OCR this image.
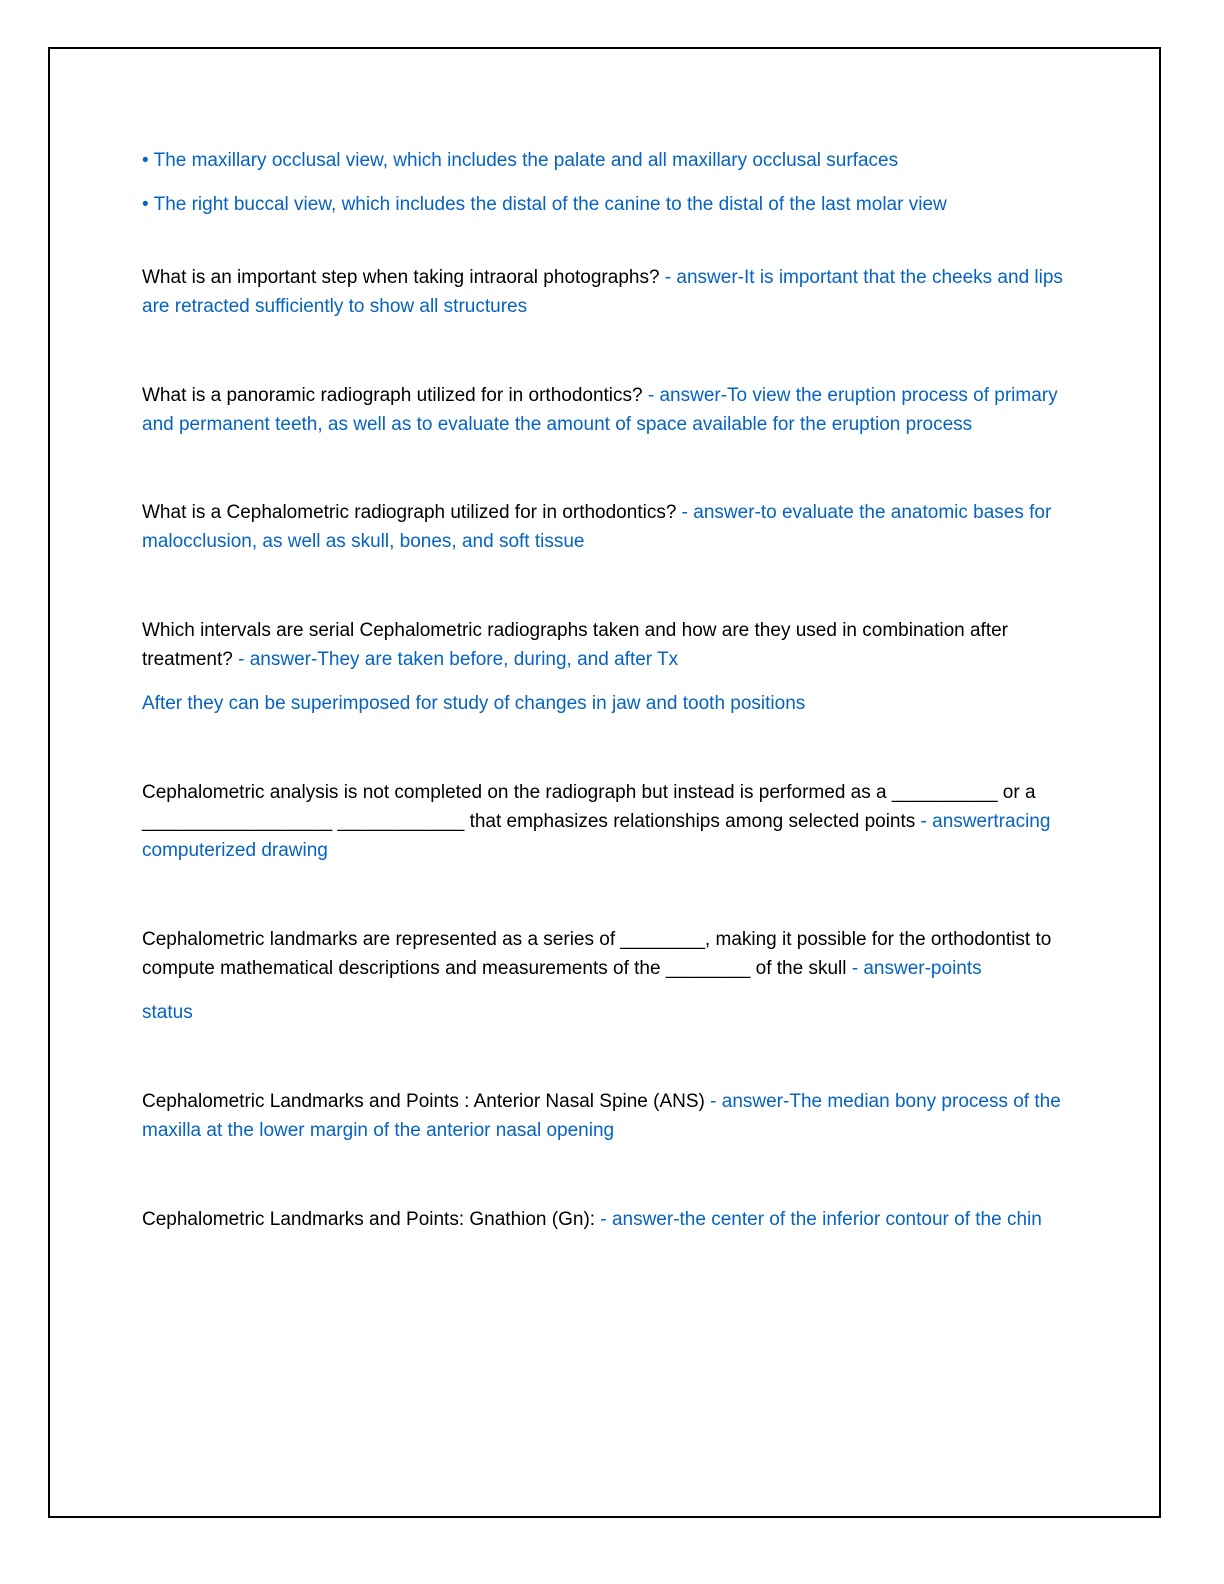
• The maxillary occlusal view, which includes the palate and all maxillary occlusal surfaces

• The right buccal view, which includes the distal of the canine to the distal of the last molar view

What is an important step when taking intraoral photographs? - answer-It is important that the cheeks and lips are retracted sufficiently to show all structures

What is a panoramic radiograph utilized for in orthodontics? - answer-To view the eruption process of primary and permanent teeth, as well as to evaluate the amount of space available for the eruption process

What is a Cephalometric radiograph utilized for in orthodontics? - answer-to evaluate the anatomic bases for malocclusion, as well as skull, bones, and soft tissue

Which intervals are serial Cephalometric radiographs taken and how are they used in combination after treatment? - answer-They are taken before, during, and after Tx

After they can be superimposed for study of changes in jaw and tooth positions

Cephalometric analysis is not completed on the radiograph but instead is performed as a __________ or a __________________ ____________ that emphasizes relationships among selected points - answertracing computerized drawing

Cephalometric landmarks are represented as a series of ________, making it possible for the orthodontist to compute mathematical descriptions and measurements of the ________ of the skull - answer-points

status

Cephalometric Landmarks and Points : Anterior Nasal Spine (ANS) - answer-The median bony process of the maxilla at the lower margin of the anterior nasal opening

Cephalometric Landmarks and Points: Gnathion (Gn): - answer-the center of the inferior contour of the chin
